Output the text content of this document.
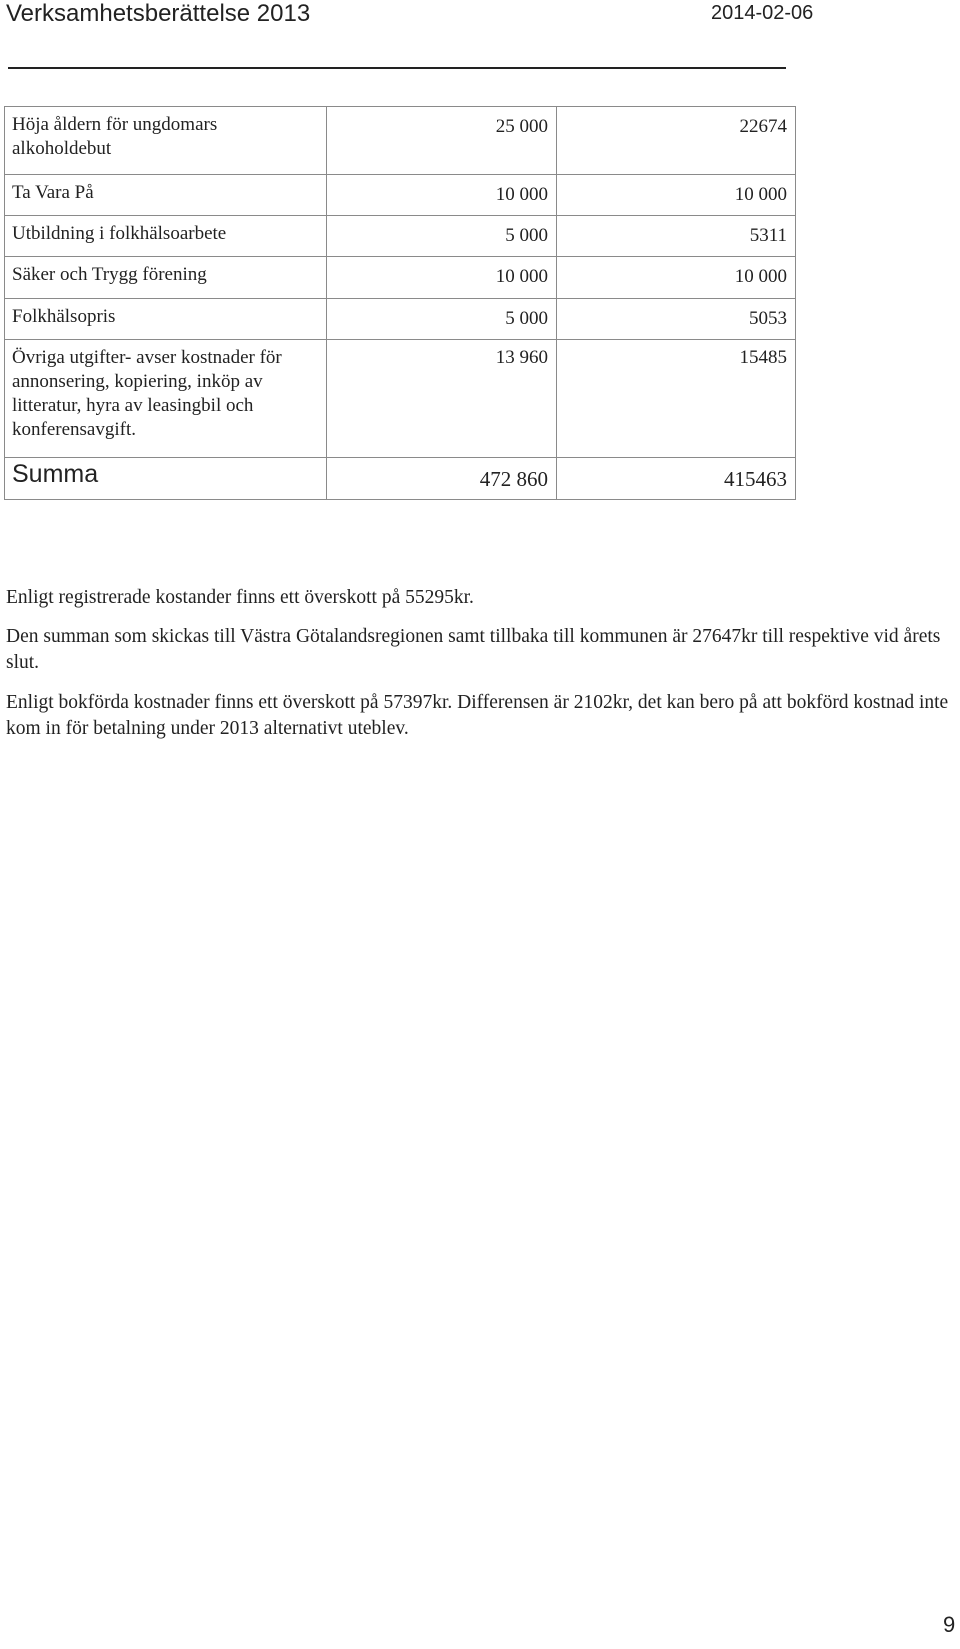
Verksamhetsberättelse 2013	2014-02-06
Höja åldern för ungdomars alkoholdebut	25 000	22674
Ta Vara På	10 000	10 000
Utbildning i folkhälsoarbete	5 000	5311
Säker och Trygg förening	10 000	10 000
Folkhälsopris	5 000	5053
Övriga utgifter- avser kostnader för annonsering, kopiering, inköp av litteratur, hyra av leasingbil och konferensavgift.	13 960	15485
Summa	472 860	415463

Enligt registrerade kostander finns ett överskott på 55295kr.

Den summan som skickas till Västra Götalandsregionen samt tillbaka till kommunen är 27647kr till respektive vid årets slut.

Enligt bokförda kostnader finns ett överskott på 57397kr. Differensen är 2102kr, det kan bero på att bokförd kostnad inte kom in för betalning under 2013 alternativt uteblev.

9
